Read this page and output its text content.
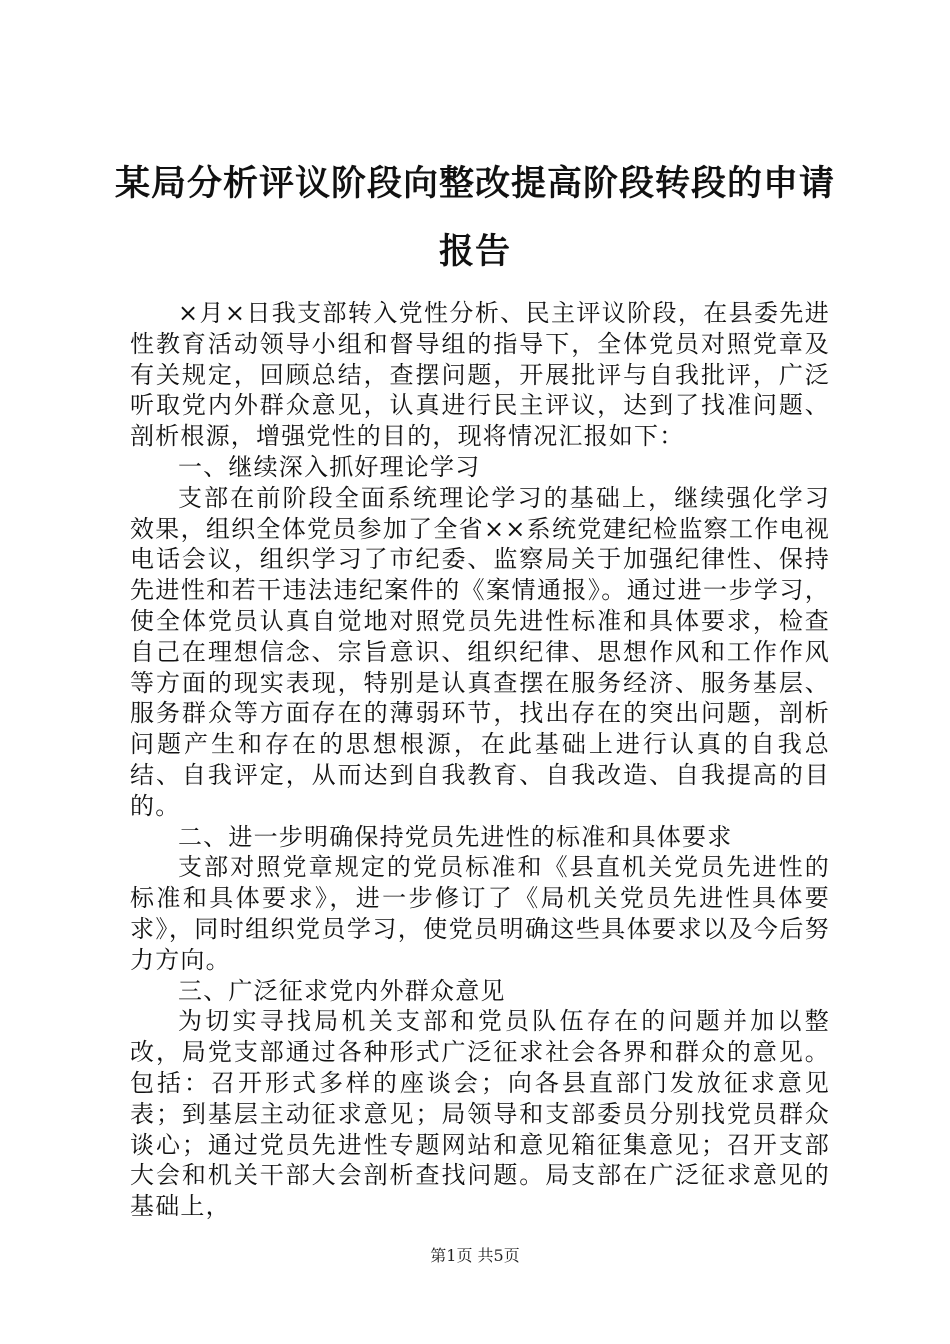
某局分析评议阶段向整改提高阶段转段的申请报告

×月×日我支部转入党性分析、民主评议阶段，在县委先进性教育活动领导小组和督导组的指导下，全体党员对照党章及有关规定，回顾总结，查摆问题，开展批评与自我批评，广泛听取党内外群众意见，认真进行民主评议，达到了找准问题、剖析根源，增强党性的目的，现将情况汇报如下：

一、继续深入抓好理论学习

支部在前阶段全面系统理论学习的基础上，继续强化学习效果，组织全体党员参加了全省××系统党建纪检监察工作电视电话会议，组织学习了市纪委、监察局关于加强纪律性、保持先进性和若干违法违纪案件的《案情通报》。通过进一步学习，使全体党员认真自觉地对照党员先进性标准和具体要求，检查自己在理想信念、宗旨意识、组织纪律、思想作风和工作作风等方面的现实表现，特别是认真查摆在服务经济、服务基层、服务群众等方面存在的薄弱环节，找出存在的突出问题，剖析问题产生和存在的思想根源，在此基础上进行认真的自我总结、自我评定，从而达到自我教育、自我改造、自我提高的目的。

二、进一步明确保持党员先进性的标准和具体要求

支部对照党章规定的党员标准和《县直机关党员先进性的标准和具体要求》，进一步修订了《局机关党员先进性具体要求》，同时组织党员学习，使党员明确这些具体要求以及今后努力方向。

三、广泛征求党内外群众意见

为切实寻找局机关支部和党员队伍存在的问题并加以整改，局党支部通过各种形式广泛征求社会各界和群众的意见。包括：召开形式多样的座谈会；向各县直部门发放征求意见表；到基层主动征求意见；局领导和支部委员分别找党员群众谈心；通过党员先进性专题网站和意见箱征集意见；召开支部大会和机关干部大会剖析查找问题。局支部在广泛征求意见的基础上，

第1页 共5页
